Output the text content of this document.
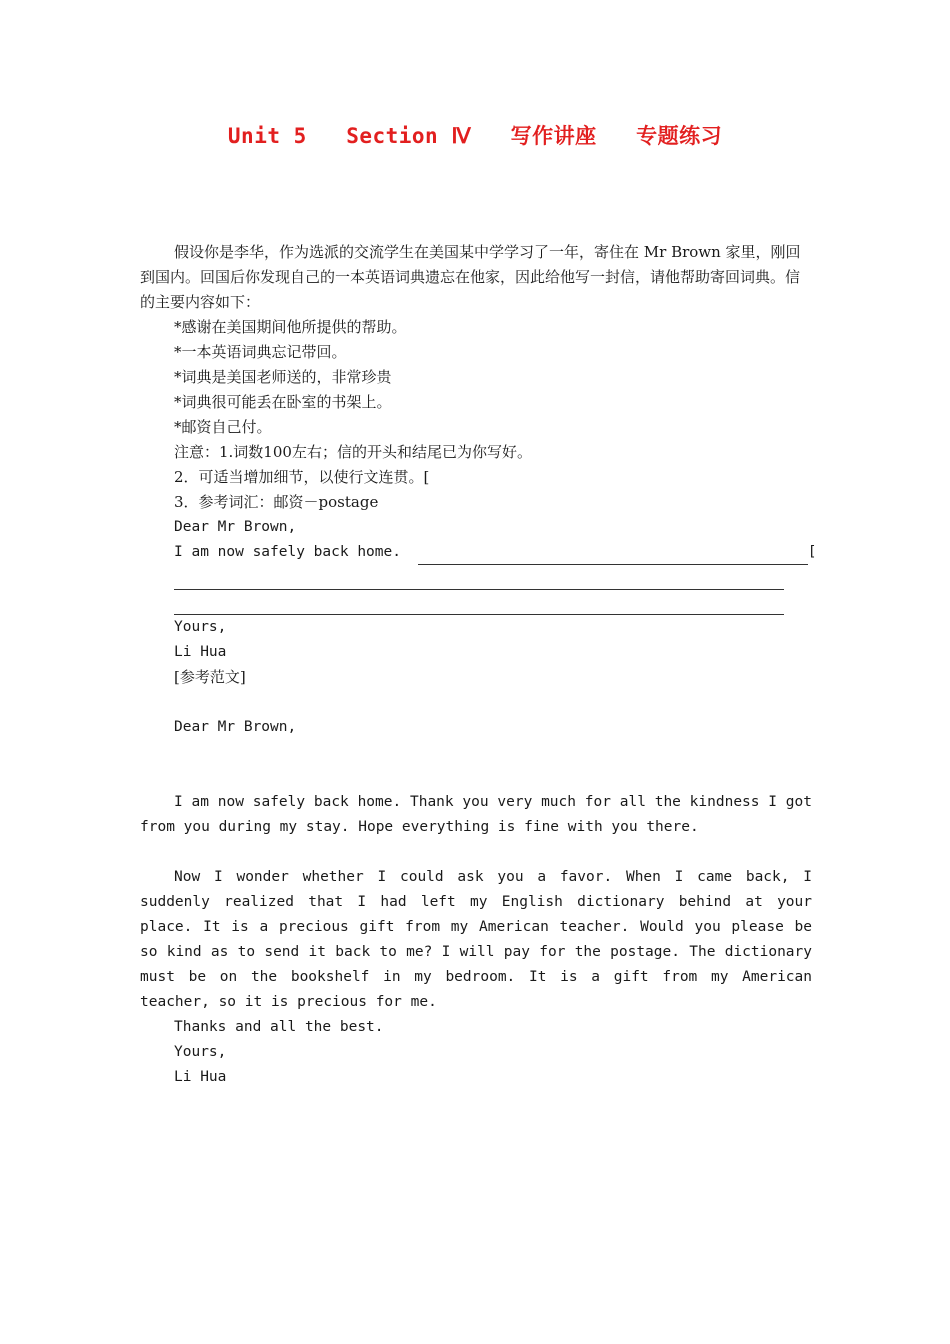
Unit 5   Section Ⅳ   写作讲座   专题练习

假设你是李华，作为选派的交流学生在美国某中学学习了一年，寄住在 Mr Brown 家里，刚回到国内。回国后你发现自己的一本英语词典遗忘在他家，因此给他写一封信，请他帮助寄回词典。信的主要内容如下：

*感谢在美国期间他所提供的帮助。

*一本英语词典忘记带回。

*词典是美国老师送的，非常珍贵

*词典很可能丢在卧室的书架上。

*邮资自己付。

注意：1.词数100左右；信的开头和结尾已为你写好。

2．可适当增加细节，以使行文连贯。[

3．参考词汇：邮资－postage

Dear Mr Brown,

I am now safely back home.	[

Yours,

Li Hua

[参考范文]

Dear Mr Brown,

I am now safely back home. Thank you very much for all the kindness I got from you during my stay. Hope everything is fine with you there.

Now I wonder whether I could ask you a favor. When I came back, I suddenly realized that I had left my English dictionary behind at your place. It is a precious gift from my American teacher. Would you please be so kind as to send it back to me? I will pay for the postage. The dictionary must be on the bookshelf in my bedroom. It is a gift from my American teacher, so it is precious for me.

Thanks and all the best.

Yours,

Li Hua
